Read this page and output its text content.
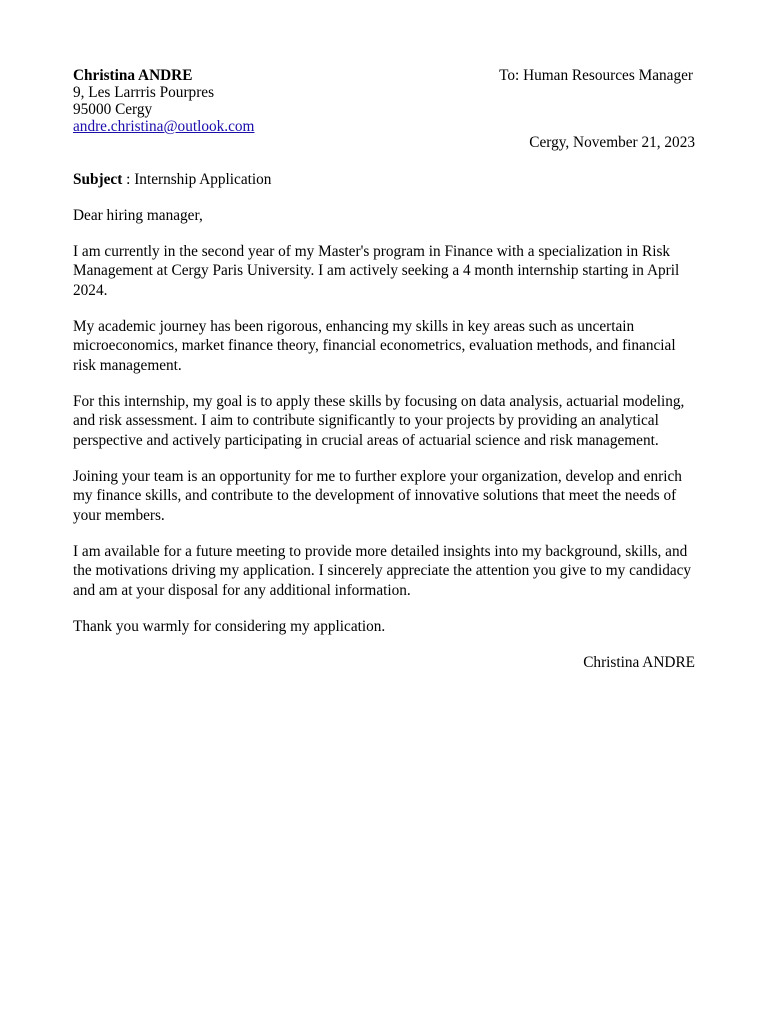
Christina ANDRE
9, Les Larrris Pourpres
95000 Cergy
andre.christina@outlook.com
To: Human Resources Manager
Cergy, November 21, 2023
Subject : Internship Application
Dear hiring manager,

I am currently in the second year of my Master's program in Finance with a specialization in Risk Management at Cergy Paris University. I am actively seeking a 4 month internship starting in April 2024.

My academic journey has been rigorous, enhancing my skills in key areas such as uncertain microeconomics, market finance theory, financial econometrics, evaluation methods, and financial risk management.

For this internship, my goal is to apply these skills by focusing on data analysis, actuarial modeling, and risk assessment. I aim to contribute significantly to your projects by providing an analytical perspective and actively participating in crucial areas of actuarial science and risk management.

Joining your team is an opportunity for me to further explore your organization, develop and enrich my finance skills, and contribute to the development of innovative solutions that meet the needs of your members.

I am available for a future meeting to provide more detailed insights into my background, skills, and the motivations driving my application. I sincerely appreciate the attention you give to my candidacy and am at your disposal for any additional information.

Thank you warmly for considering my application.
Christina ANDRE
